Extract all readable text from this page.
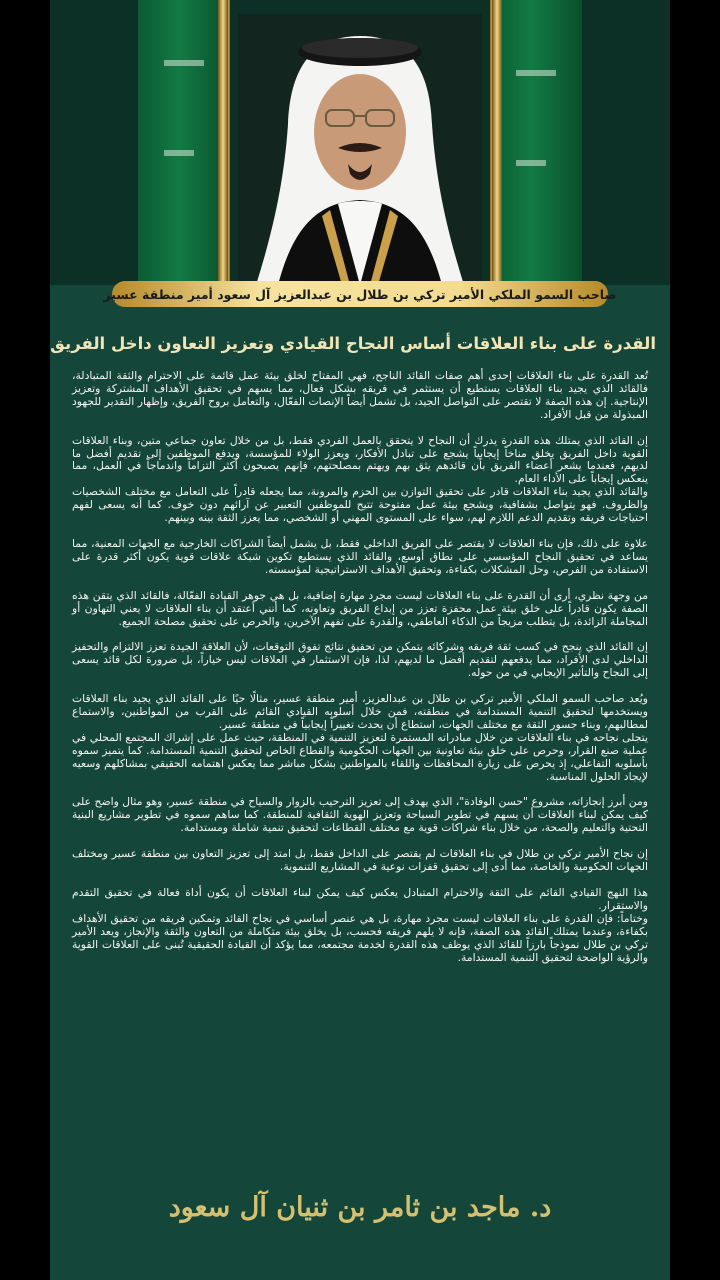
صاحب السمو الملكي الأمير تركي بن طلال بن عبدالعزيز آل سعود أمير منطقة عسير
القدرة على بناء العلاقات أساس النجاح القيادي وتعزيز التعاون داخل الفريق

تُعد القدرة على بناء العلاقات إحدى أهم صفات القائد الناجح، فهي المفتاح لخلق بيئة عمل قائمة على الاحترام والثقة المتبادلة، فالقائد الذي يجيد بناء العلاقات يستطيع أن يستثمر في فريقه بشكل فعال، مما يسهم في تحقيق الأهداف المشتركة وتعزيز الإنتاجية. إن هذه الصفة لا تقتصر على التواصل الجيد، بل تشمل أيضاً الإنصات الفعّال، والتعامل بروح الفريق، وإظهار التقدير للجهود المبذولة من قبل الأفراد.

إن القائد الذي يمتلك هذه القدرة يدرك أن النجاح لا يتحقق بالعمل الفردي فقط، بل من خلال تعاون جماعي متين، وبناء العلاقات القوية داخل الفريق يخلق مناخاً إيجابياً يشجع على تبادل الأفكار، ويعزز الولاء للمؤسسة، ويدفع الموظفين إلى تقديم أفضل ما لديهم، فعندما يشعر أعضاء الفريق بأن قائدهم يثق بهم ويهتم بمصلحتهم، فإنهم يصبحون أكثر التزاماً واندماجاً في العمل، مما ينعكس إيجاباً على الأداء العام.

والقائد الذي يجيد بناء العلاقات قادر على تحقيق التوازن بين الحزم والمرونة، مما يجعله قادراً على التعامل مع مختلف الشخصيات والظروف. فهو يتواصل بشفافية، ويشجع بيئة عمل مفتوحة تتيح للموظفين التعبير عن آرائهم دون خوف. كما أنه يسعى لفهم احتياجات فريقه وتقديم الدعم اللازم لهم، سواء على المستوى المهني أو الشخصي، مما يعزز الثقة بينه وبينهم.

علاوة على ذلك، فإن بناء العلاقات لا يقتصر على الفريق الداخلي فقط، بل يشمل أيضاً الشراكات الخارجية مع الجهات المعنية، مما يساعد في تحقيق النجاح المؤسسي على نطاق أوسع، والقائد الذي يستطيع تكوين شبكة علاقات قوية يكون أكثر قدرة على الاستفادة من الفرص، وحل المشكلات بكفاءة، وتحقيق الأهداف الاستراتيجية لمؤسسته.

من وجهة نظري، أرى أن القدرة على بناء العلاقات ليست مجرد مهارة إضافية، بل هي جوهر القيادة الفعّالة، فالقائد الذي يتقن هذه الصفة يكون قادراً على خلق بيئة عمل محفزة تعزز من إبداع الفريق وتعاونه، كما أنني أعتقد أن بناء العلاقات لا يعني التهاون أو المجاملة الزائدة، بل يتطلب مزيجاً من الذكاء العاطفي، والقدرة على تفهم الآخرين، والحرص على تحقيق مصلحة الجميع.

إن القائد الذي ينجح في كسب ثقة فريقه وشركائه يتمكن من تحقيق نتائج تفوق التوقعات، لأن العلاقة الجيدة تعزز الالتزام والتحفيز الداخلي لدى الأفراد، مما يدفعهم لتقديم أفضل ما لديهم، لذا، فإن الاستثمار في العلاقات ليس خياراً، بل ضرورة لكل قائد يسعى إلى النجاح والتأثير الإيجابي في من حوله.

ويُعد صاحب السمو الملكي الأمير تركي بن طلال بن عبدالعزيز، أمير منطقة عسير، مثالًا حيًا على القائد الذي يجيد بناء العلاقات ويستخدمها لتحقيق التنمية المستدامة في منطقته، فمن خلال أسلوبه القيادي القائم على القرب من المواطنين، والاستماع لمطالبهم، وبناء جسور الثقة مع مختلف الجهات، استطاع أن يحدث تغييراً إيجابياً في منطقة عسير.

يتجلى نجاحه في بناء العلاقات من خلال مبادراته المستمرة لتعزيز التنمية في المنطقة، حيث عمل على إشراك المجتمع المحلي في عملية صنع القرار، وحرص على خلق بيئة تعاونية بين الجهات الحكومية والقطاع الخاص لتحقيق التنمية المستدامة. كما يتميز سموه بأسلوبه التفاعلي، إذ يحرص على زيارة المحافظات واللقاء بالمواطنين بشكل مباشر مما يعكس اهتمامه الحقيقي بمشاكلهم وسعيه لإيجاد الحلول المناسبة.

ومن أبرز إنجازاته، مشروع "حسن الوفادة"، الذي يهدف إلى تعزيز الترحيب بالزوار والسياح في منطقة عسير، وهو مثال واضح على كيف يمكن لبناء العلاقات أن يسهم في تطوير السياحة وتعزيز الهوية الثقافية للمنطقة. كما ساهم سموه في تطوير مشاريع البنية التحتية والتعليم والصحة، من خلال بناء شراكات قوية مع مختلف القطاعات لتحقيق تنمية شاملة ومستدامة.

إن نجاح الأمير تركي بن طلال في بناء العلاقات لم يقتصر على الداخل فقط، بل امتد إلى تعزيز التعاون بين منطقة عسير ومختلف الجهات الحكومية والخاصة، مما أدى إلى تحقيق قفزات نوعية في المشاريع التنموية.

هذا النهج القيادي القائم على الثقة والاحترام المتبادل يعكس كيف يمكن لبناء العلاقات أن يكون أداة فعالة في تحقيق التقدم والاستقرار.

وختاماً: فإن القدرة على بناء العلاقات ليست مجرد مهارة، بل هي عنصر أساسي في نجاح القائد وتمكين فريقه من تحقيق الأهداف بكفاءة، وعندما يمتلك القائد هذه الصفة، فإنه لا يلهم فريقه فحسب، بل يخلق بيئة متكاملة من التعاون والثقة والإنجاز، ويعد الأمير تركي بن طلال نموذجاً بارزاً للقائد الذي يوظف هذه القدرة لخدمة مجتمعه، مما يؤكد أن القيادة الحقيقية تُبنى على العلاقات القوية والرؤية الواضحة لتحقيق التنمية المستدامة.

د. ماجد بن ثامر بن ثنيان آل سعود
